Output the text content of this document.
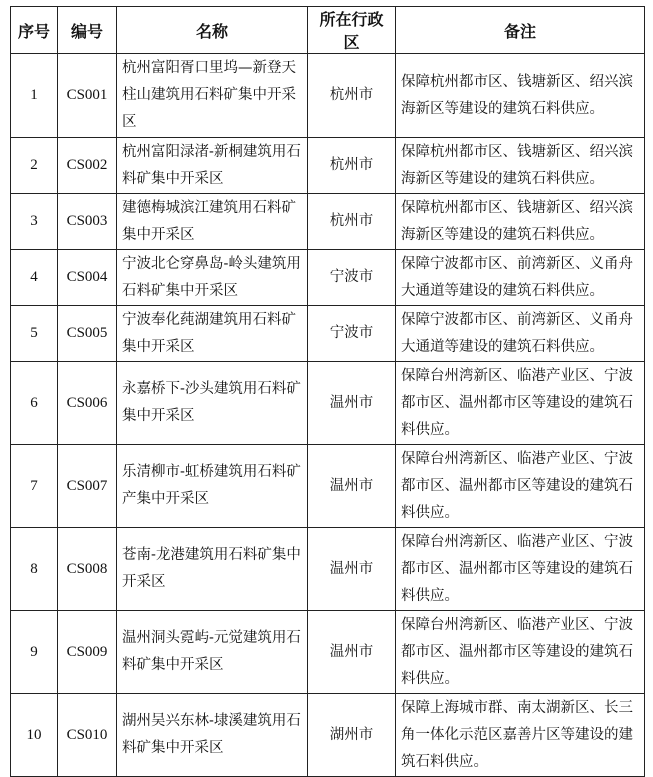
序号	编号	名称	所在行政区	备注
1	CS001	杭州富阳胥口里坞—新登天柱山建筑用石料矿集中开采区	杭州市	保障杭州都市区、钱塘新区、绍兴滨海新区等建设的建筑石料供应。
2	CS002	杭州富阳渌渚-新桐建筑用石料矿集中开采区	杭州市	保障杭州都市区、钱塘新区、绍兴滨海新区等建设的建筑石料供应。
3	CS003	建德梅城滨江建筑用石料矿集中开采区	杭州市	保障杭州都市区、钱塘新区、绍兴滨海新区等建设的建筑石料供应。
4	CS004	宁波北仑穿鼻岛-岭头建筑用石料矿集中开采区	宁波市	保障宁波都市区、前湾新区、义甬舟大通道等建设的建筑石料供应。
5	CS005	宁波奉化莼湖建筑用石料矿集中开采区	宁波市	保障宁波都市区、前湾新区、义甬舟大通道等建设的建筑石料供应。
6	CS006	永嘉桥下-沙头建筑用石料矿集中开采区	温州市	保障台州湾新区、临港产业区、宁波都市区、温州都市区等建设的建筑石料供应。
7	CS007	乐清柳市-虹桥建筑用石料矿产集中开采区	温州市	保障台州湾新区、临港产业区、宁波都市区、温州都市区等建设的建筑石料供应。
8	CS008	苍南-龙港建筑用石料矿集中开采区	温州市	保障台州湾新区、临港产业区、宁波都市区、温州都市区等建设的建筑石料供应。
9	CS009	温州洞头霓屿-元觉建筑用石料矿集中开采区	温州市	保障台州湾新区、临港产业区、宁波都市区、温州都市区等建设的建筑石料供应。
10	CS010	湖州吴兴东林-埭溪建筑用石料矿集中开采区	湖州市	保障上海城市群、南太湖新区、长三角一体化示范区嘉善片区等建设的建筑石料供应。
